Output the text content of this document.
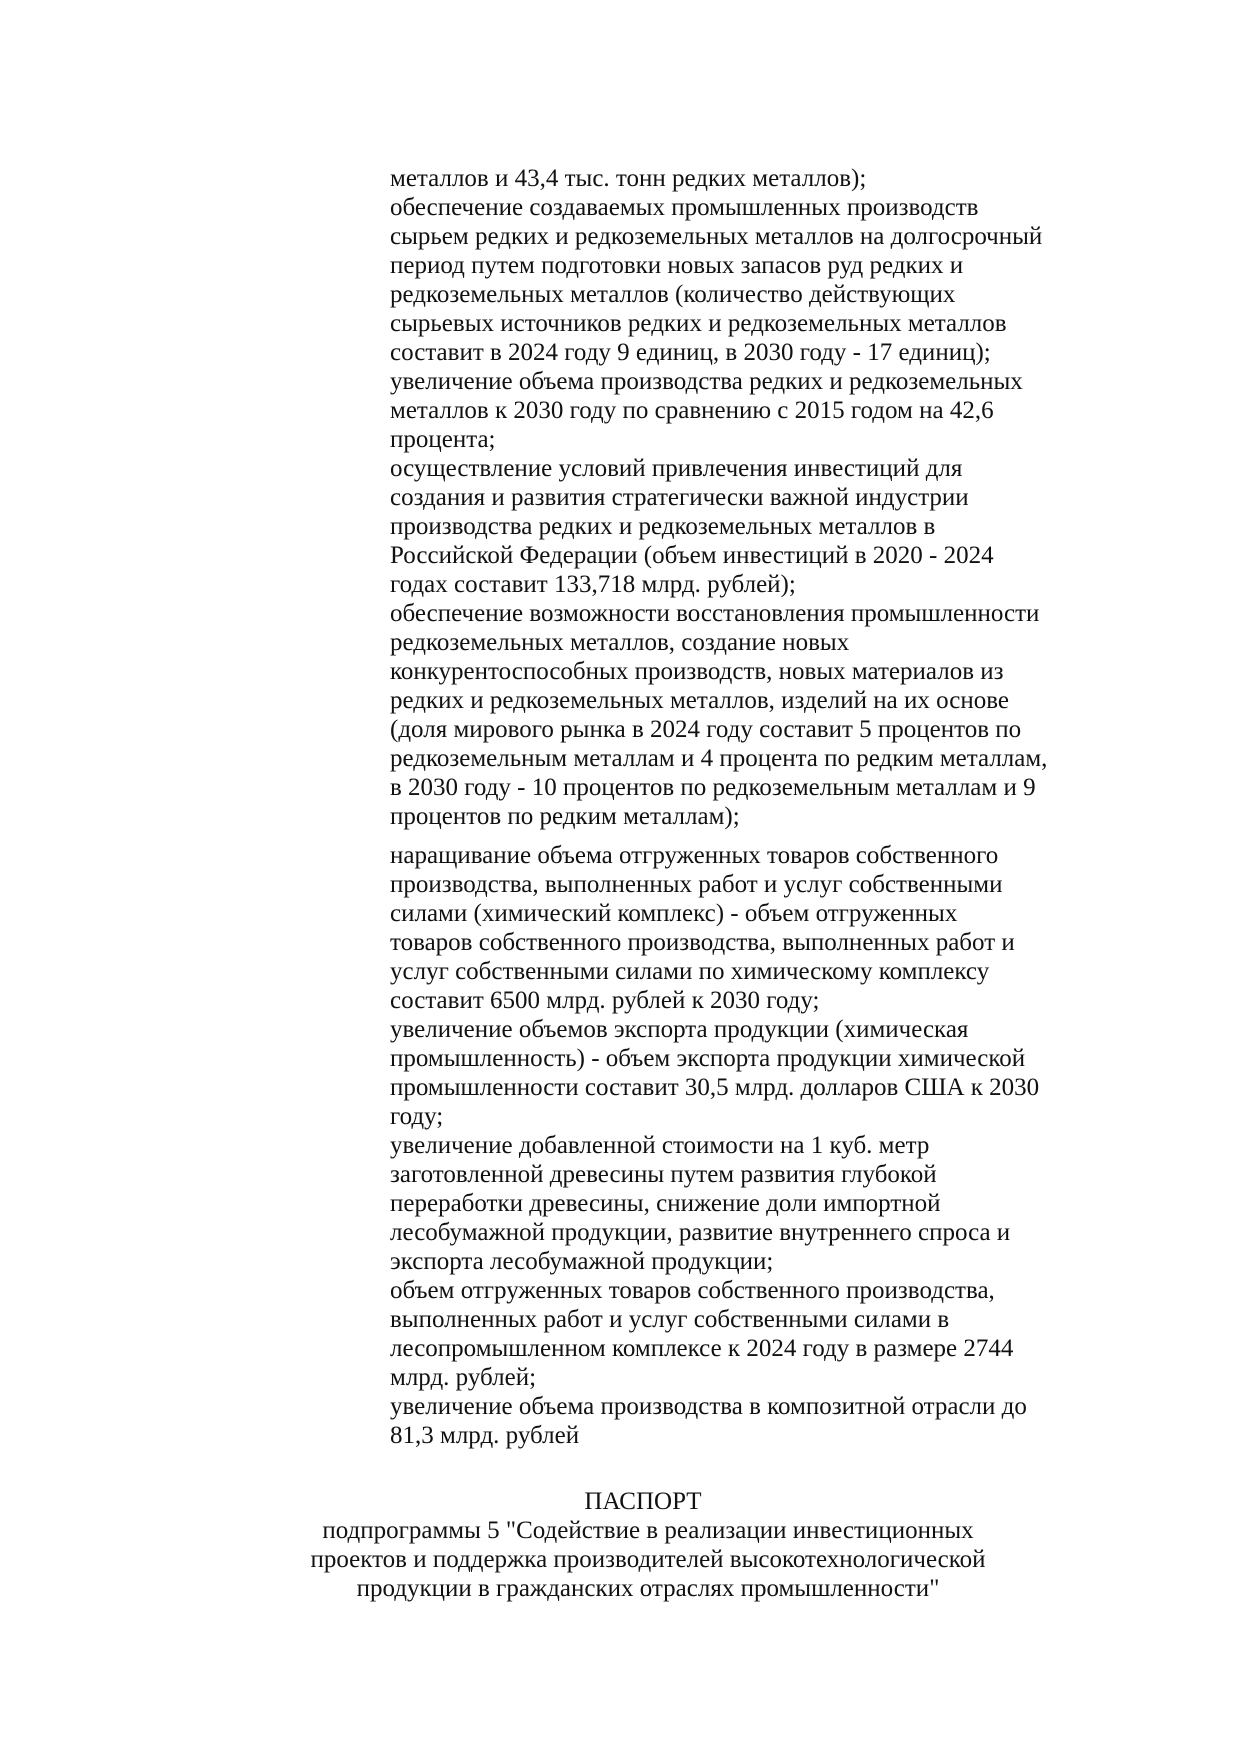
металлов и 43,4 тыс. тонн редких металлов);
обеспечение создаваемых промышленных производств
сырьем редких и редкоземельных металлов на долгосрочный
период путем подготовки новых запасов руд редких и
редкоземельных металлов (количество действующих
сырьевых источников редких и редкоземельных металлов
составит в 2024 году 9 единиц, в 2030 году - 17 единиц);
увеличение объема производства редких и редкоземельных
металлов к 2030 году по сравнению с 2015 годом на 42,6
процента;
осуществление условий привлечения инвестиций для
создания и развития стратегически важной индустрии
производства редких и редкоземельных металлов в
Российской Федерации (объем инвестиций в 2020 - 2024
годах составит 133,718 млрд. рублей);
обеспечение возможности восстановления промышленности
редкоземельных металлов, создание новых
конкурентоспособных производств, новых материалов из
редких и редкоземельных металлов, изделий на их основе
(доля мирового рынка в 2024 году составит 5 процентов по
редкоземельным металлам и 4 процента по редким металлам,
в 2030 году - 10 процентов по редкоземельным металлам и 9
процентов по редким металлам);
наращивание объема отгруженных товаров собственного
производства, выполненных работ и услуг собственными
силами (химический комплекс) - объем отгруженных
товаров собственного производства, выполненных работ и
услуг собственными силами по химическому комплексу
составит 6500 млрд. рублей к 2030 году;
увеличение объемов экспорта продукции (химическая
промышленность) - объем экспорта продукции химической
промышленности составит 30,5 млрд. долларов США к 2030
году;
увеличение добавленной стоимости на 1 куб. метр
заготовленной древесины путем развития глубокой
переработки древесины, снижение доли импортной
лесобумажной продукции, развитие внутреннего спроса и
экспорта лесобумажной продукции;
объем отгруженных товаров собственного производства,
выполненных работ и услуг собственными силами в
лесопромышленном комплексе к 2024 году в размере 2744
млрд. рублей;
увеличение объема производства в композитной отрасли до
81,3 млрд. рублей
ПАСПОРТ
подпрограммы 5 "Содействие в реализации инвестиционных
проектов и поддержка производителей высокотехнологической
продукции в гражданских отраслях промышленности"
